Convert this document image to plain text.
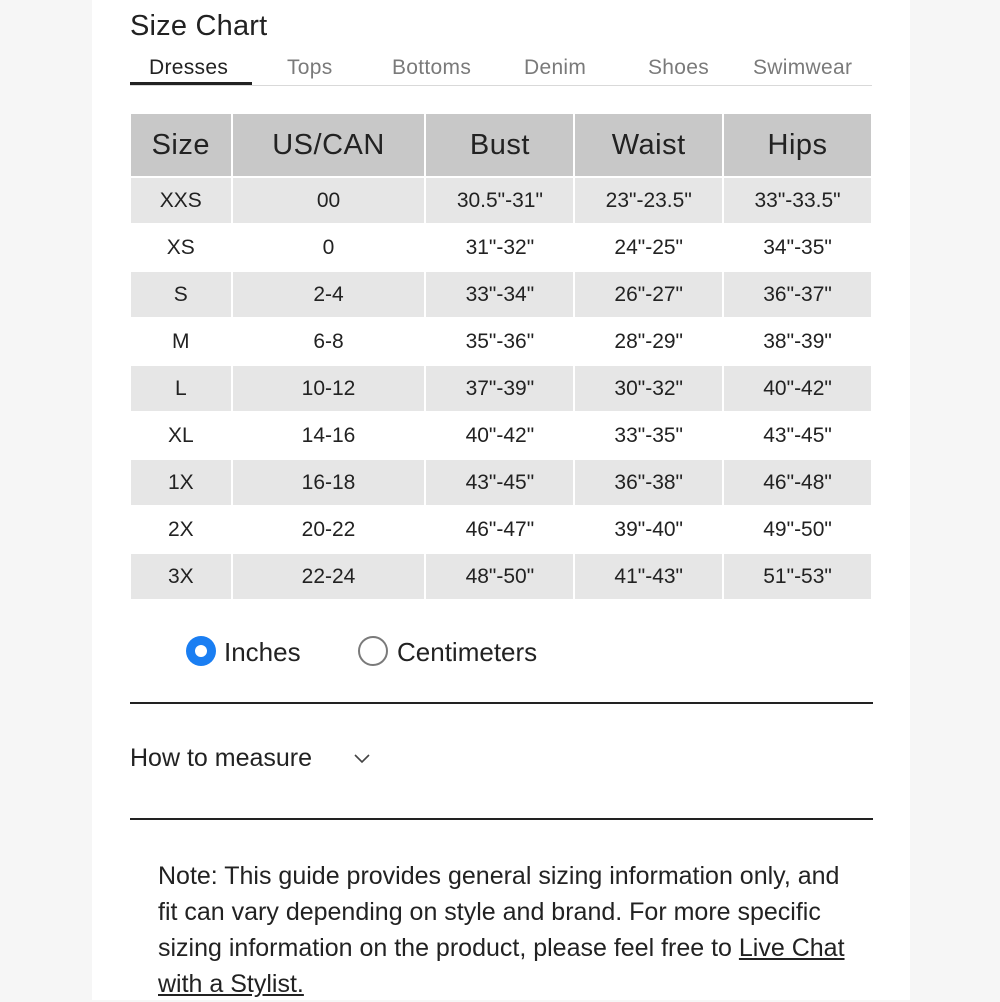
Size Chart
Dresses	Tops	Bottoms	Denim	Shoes Swimwear
Size	US/CAN	Bust	Waist	Hips
XXS	00	30.5"-31"	23"-23.5"	33"-33.5"
XS	0	31"-32"	24"-25"	34"-35"
S	2-4	33"-34"	26"-27"	36"-37"
M	6-8	35"-36"	28"-29"	38"-39"
L	10-12	37"-39"	30"-32"	40"-42"
XL	14-16	40"-42"	33"-35"	43"-45"
1X	16-18	43"-45"	36"-38"	46"-48"
2X	20-22	46"-47"	39"-40"	49"-50"
3X	22-24	48"-50"	41"-43"	51"-53"
Inches	Centimeters
How to measure
Note: This guide provides general sizing information only, and fit can vary depending on style and brand. For more specific sizing information on the product, please feel free to Live Chat with a Stylist.
